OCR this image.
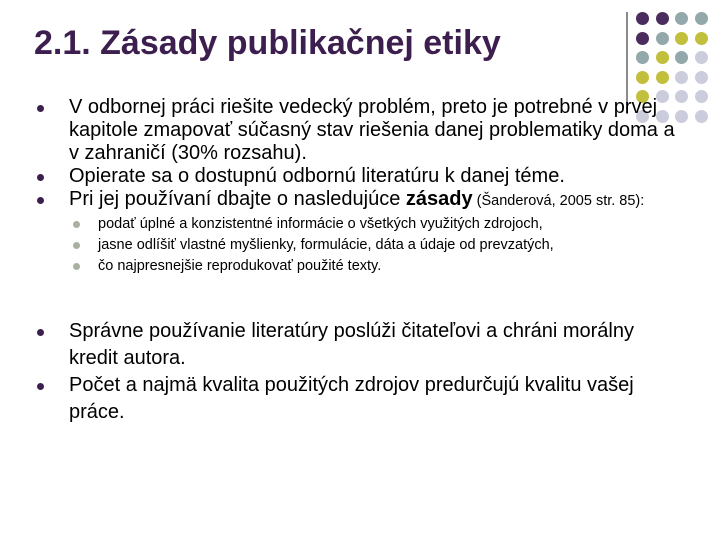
2.1. Zásady publikačnej etiky
V odbornej práci riešite vedecký problém, preto je potrebné v prvej kapitole zmapovať súčasný stav riešenia danej problematiky doma a v zahraničí (30% rozsahu).
Opierate sa o dostupnú odbornú literatúru k danej téme.
Pri jej používaní dbajte o nasledujúce zásady (Šanderová, 2005 str. 85):
podať úplné a konzistentné informácie o všetkých využitých zdrojoch,
jasne odlíšiť vlastné myšlienky, formulácie, dáta a údaje od prevzatých,
čo najpresnejšie reprodukovať použité texty.
Správne používanie literatúry poslúži čitateľovi a chráni morálny kredit autora.
Počet a najmä kvalita použitých zdrojov predurčujú kvalitu vašej práce.
